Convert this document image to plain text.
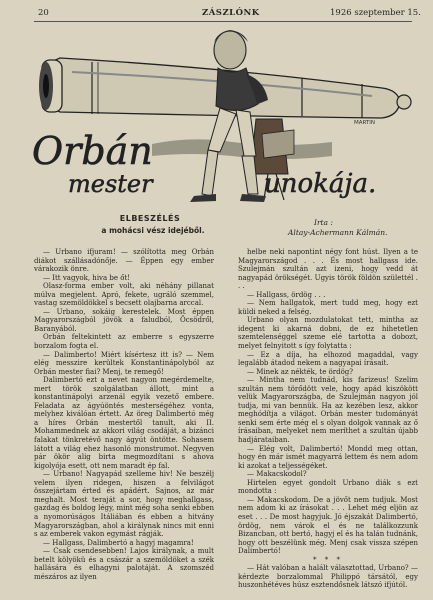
20	ZÁSZLÓNK	1926 szeptember 15.
MARTIN
Orbán
mester	unokája.
ELBESZÉLÉS
a mohácsi vész idejéből.
Irta :
Altay-Achermann Kálmán.

— Urbano ifjuram! — szólította meg Orbán diákot szállásadónője. — Éppen egy ember várakozik önre.

— Itt vagyok, hiva be őt!

Olasz-forma ember volt, aki néhány pillanat múlva megjelent. Apró, fekete, ugráló szemmel, vastag szemöldökkel s becsett olajbarna arccal.

— Urbano, sokáig kerestelek. Most éppen Magyarországból jövök a faludból, Öcsödről, Baranyából.

Orbán feltekintett az emberre s egyszerre borzalom fogta el.

— Dalimberto! Miért kísértesz itt is? — Nem elég messzire kerültek Konstantinápolyból az Orbán mester fiai? Menj, te remegő!

Dalimbertó ezt a nevet nagyon megérdemelte, mert török szolgálatban állott, mint a konstantinápolyi arzenál egyik vezető embere. Feladata az ágyúöntés mesterségéhez vonta, melyhez kiválóan értett. Az öreg Dalimbertó még a híres Orbán mestertől tanult, aki II. Mohammednek az akkori világ csodáját, a bizánci falakat tönkretévő nagy ágyút öntötte. Sohasem látott a világ ehez hasonló monstrumot. Negyven pár ökör alig birta megmozdítani s ahova kigolyója esett, ott nem maradt ép fal.

— Urbano! Nagyapád szelleme hiv! Ne beszélj velem ilyen ridegen, hiszen a felvilágot összejártam érted és apádért. Sajnos, az már meghalt. Most teraját a sor, hogy meghallgass, gazdag és boldog légy, mint még soha senki ebben a nyomorúságos Itáliában és ebben a hitvány Magyarországban, ahol a királynak nincs mit enni s az emberek vakon egymást rágják.

— Hallgass, Dalimbertó a hagyj magamra!

— Csak csendesebben! Lajos királynak, a mult betelt kölyökü és a császár a szemöldöket a szék hallására és elhagyni palotáját. A szomszéd mészáros az ilyen

helbe neki napontint négy font húst. Ilyen a te Magyarországod . . . És most hallgass ide. Szulejmán szultán azt izeni, hogy vedd át nagyapád örökségét. Ugyis török földön születtél . . .

— Hallgass, ördög . . .

— Nem hallgatok, mert tudd meg, hogy ezt küldi neked a felség.

Urbano olyan mozdulatokat tett, mintha az idegent ki akarná dobni, de ez hihetetlen szemtelenséggel szeme elé tartotta a dobozt, melyet felnyitott s így folytatta :

— Ez a díja, ha elhozod magaddal, vagy legalább átadod nekem a nagyapai írásait.

— Minek az nékték, te ördög?

— Mintha nem tudnád, kis farizeus! Szelim szultán nem törődött vele, hogy apád kiszökött velük Magyarországba, de Szulejmán nagyon jól tudja, mi van bennük. Ha az kezében lesz, akkor meghódítja a világot. Orbán mester tudományát senki sem érte még el s olyan dolgok vannak az ő írásaiban, melyeket nem meríthet a szultán újabb hadjárataiban.

— Elég volt, Dalimbertó! Mondd meg ottan, hogy én már ismét magyarrá lettem és nem adom ki azokat a teljességéket.

— Makacskodol?

Hirtelen egyet gondolt Urbano diák s ezt mondotta :

— Makacskodom. De a jövőt nem tudjuk. Most nem adom ki az írásokat . . . Lehet még eljön az eset . . . De most hagyjuk. Jó éjszakát Dalimbertó, ördög, nem várok el és ne találkozzunk Bizancban, ott bertó, hagyj el és ha talán tudnánk, hogy ott beszélünk még. Menj csak vissza szépen Dalimbertó!

* * *

— Hát valóban a halált választottad, Urbano? — kérdezte borzalommal Philippó társától, egy huszonhétéves húsz esztendősnek látszó ifjútól.
